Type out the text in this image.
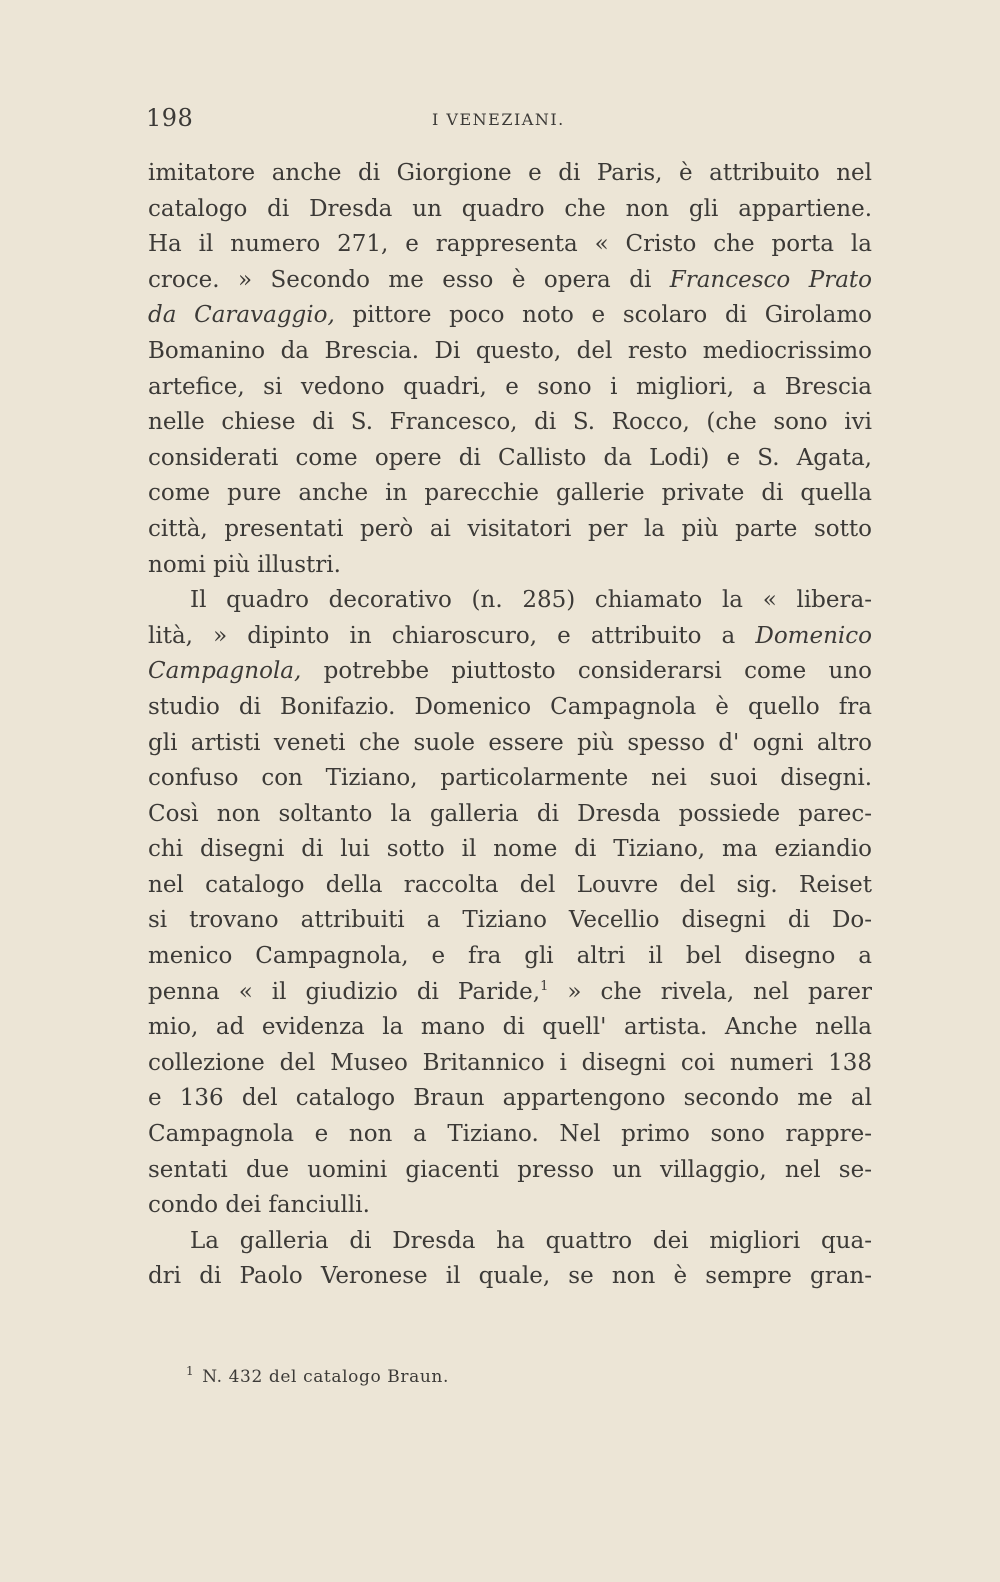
198	I VENEZIANI.
imitatore anche di Giorgione e di Paris, è attribuito nel
catalogo di Dresda un quadro che non gli appartiene.
Ha il numero 271, e rappresenta « Cristo che porta la
croce. » Secondo me esso è opera di Francesco Prato
da Caravaggio, pittore poco noto e scolaro di Girolamo
Bomanino da Brescia. Di questo, del resto mediocrissimo
artefice, si vedono quadri, e sono i migliori, a Brescia
nelle chiese di S. Francesco, di S. Rocco, (che sono ivi
considerati come opere di Callisto da Lodi) e S. Agata,
come pure anche in parecchie gallerie private di quella
città, presentati però ai visitatori per la più parte sotto
nomi più illustri.
Il quadro decorativo (n. 285) chiamato la « libera-
lità, » dipinto in chiaroscuro, e attribuito a Domenico
Campagnola, potrebbe piuttosto considerarsi come uno
studio di Bonifazio. Domenico Campagnola è quello fra
gli artisti veneti che suole essere più spesso d' ogni altro
confuso con Tiziano, particolarmente nei suoi disegni.
Così non soltanto la galleria di Dresda possiede parec-
chi disegni di lui sotto il nome di Tiziano, ma eziandio
nel catalogo della raccolta del Louvre del sig. Reiset
si trovano attribuiti a Tiziano Vecellio disegni di Do-
menico Campagnola, e fra gli altri il bel disegno a
penna « il giudizio di Paride,$^1$ » che rivela, nel parer
mio, ad evidenza la mano di quell' artista. Anche nella
collezione del Museo Britannico i disegni coi numeri 138
e 136 del catalogo Braun appartengono secondo me al
Campagnola e non a Tiziano. Nel primo sono rappre-
sentati due uomini giacenti presso un villaggio, nel se-
condo dei fanciulli.
La galleria di Dresda ha quattro dei migliori qua-
dri di Paolo Veronese il quale, se non è sempre gran-
$^1$ N. 432 del catalogo Braun.
